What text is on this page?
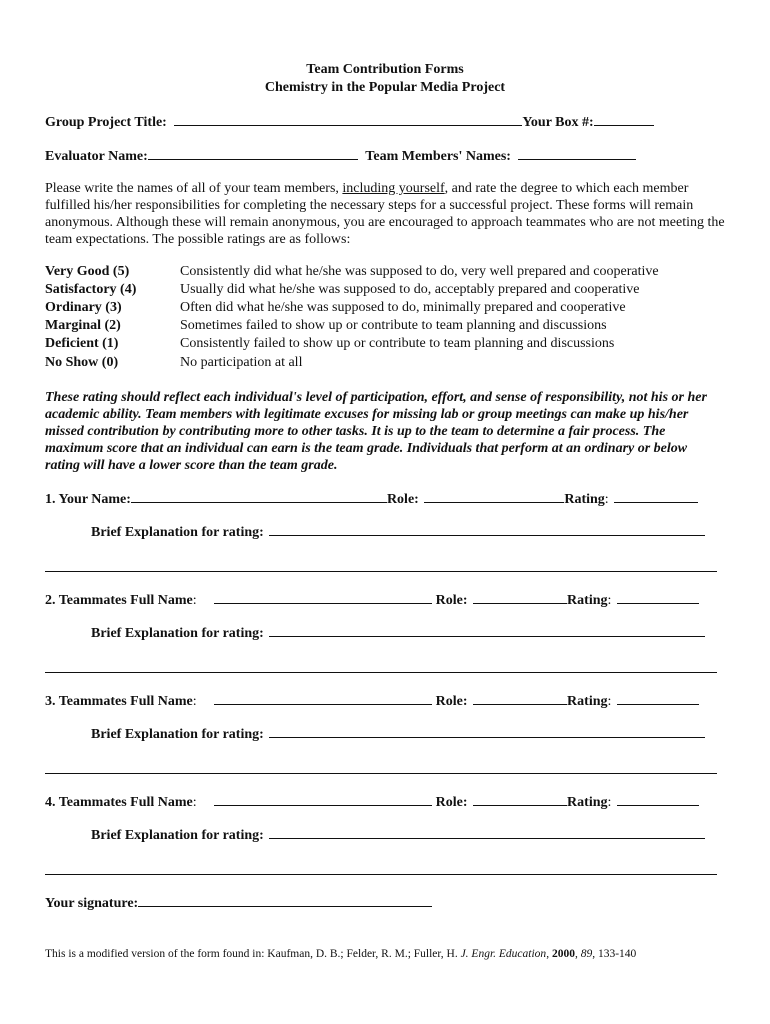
Team Contribution Forms
Chemistry in the Popular Media Project
Group Project Title:	Your Box #:
Evaluator Name:	Team Members' Names:
Please write the names of all of your team members, including yourself, and rate the degree to which each member fulfilled his/her responsibilities for completing the necessary steps for a successful project. These forms will remain anonymous. Although these will remain anonymous, you are encouraged to approach teammates who are not meeting the team expectations. The possible ratings are as follows:
Very Good (5)	Consistently did what he/she was supposed to do, very well prepared and cooperative
Satisfactory (4)	Usually did what he/she was supposed to do, acceptably prepared and cooperative
Ordinary (3)	Often did what he/she was supposed to do, minimally prepared and cooperative
Marginal (2)	Sometimes failed to show up or contribute to team planning and discussions
Deficient (1)	Consistently failed to show up or contribute to team planning and discussions
No Show (0)	No participation at all
These rating should reflect each individual's level of participation, effort, and sense of responsibility, not his or her academic ability. Team members with legitimate excuses for missing lab or group meetings can make up his/her missed contribution by contributing more to other tasks. It is up to the team to determine a fair process. The maximum score that an individual can earn is the team grade. Individuals that perform at an ordinary or below rating will have a lower score than the team grade.
1. Your Name:	Role:	Rating:
Brief Explanation for rating:
2. Teammates Full Name:	Role:	Rating:
Brief Explanation for rating:
3. Teammates Full Name:	Role:	Rating:
Brief Explanation for rating:
4. Teammates Full Name:	Role:	Rating:
Brief Explanation for rating:
Your signature:
This is a modified version of the form found in: Kaufman, D. B.; Felder, R. M.; Fuller, H. J. Engr. Education, 2000, 89, 133-140
